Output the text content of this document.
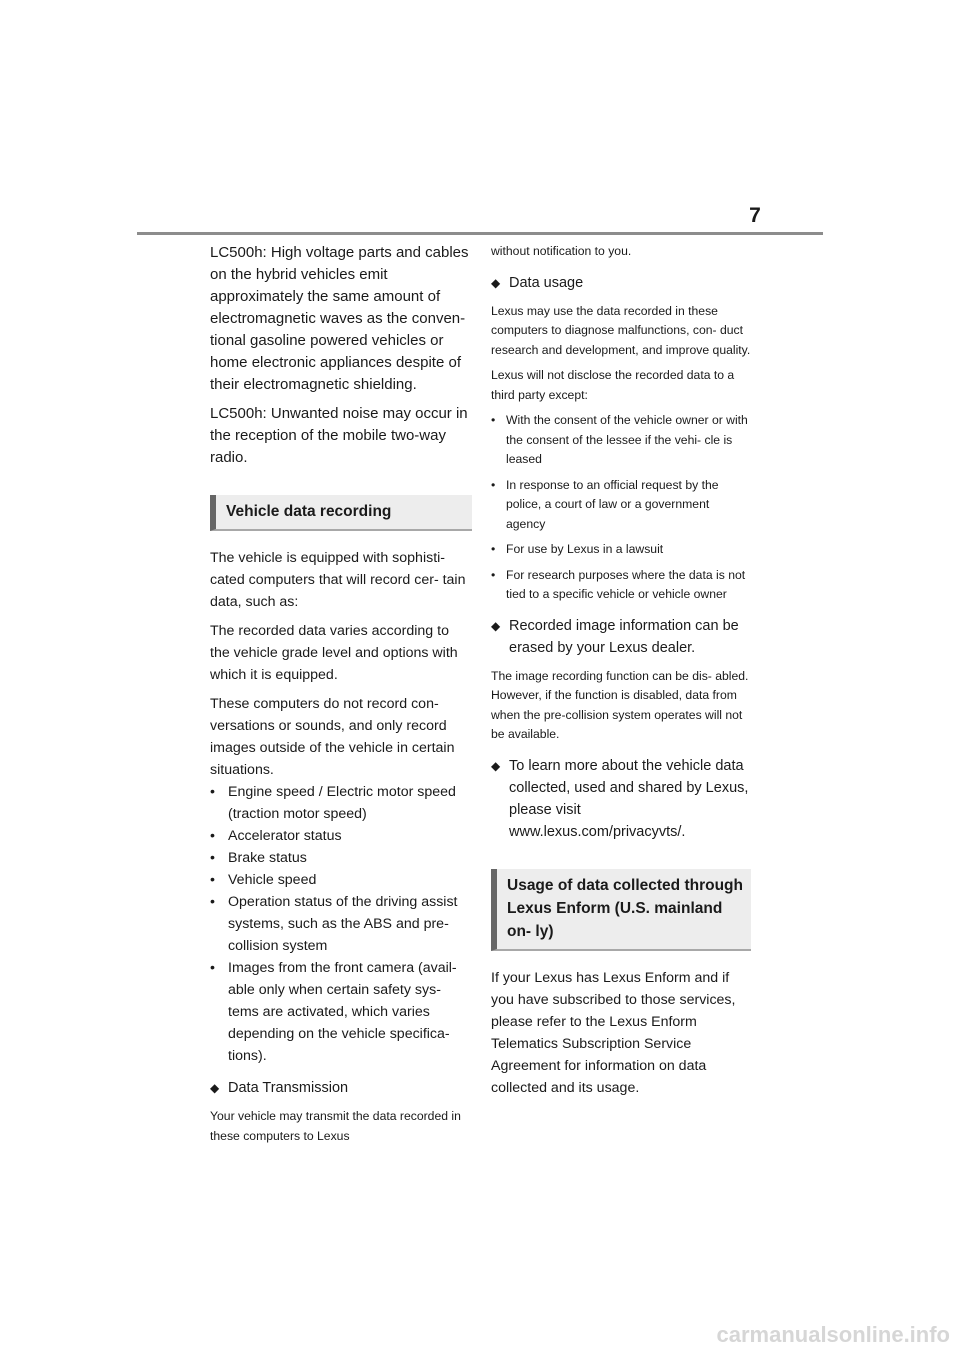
7

LC500h: High voltage parts and cables on the hybrid vehicles emit approximately the same amount of electromagnetic waves as the conven- tional gasoline powered vehicles or home electronic appliances despite of their electromagnetic shielding.

LC500h: Unwanted noise may occur in the reception of the mobile two-way radio.

Vehicle data recording

The vehicle is equipped with sophisti- cated computers that will record cer- tain data, such as:

The recorded data varies according to the vehicle grade level and options with which it is equipped.

These computers do not record con- versations or sounds, and only record images outside of the vehicle in certain situations.

• Engine speed / Electric motor speed (traction motor speed)
• Accelerator status
• Brake status
• Vehicle speed
• Operation status of the driving assist systems, such as the ABS and pre-collision system
• Images from the front camera (avail- able only when certain safety sys- tems are activated, which varies depending on the vehicle specifica- tions).
◆ Data Transmission

Your vehicle may transmit the data recorded in these computers to Lexus

without notification to you.

◆ Data usage

Lexus may use the data recorded in these computers to diagnose malfunctions, con- duct research and development, and improve quality.

Lexus will not disclose the recorded data to a third party except:

• With the consent of the vehicle owner or with the consent of the lessee if the vehi- cle is leased
• In response to an official request by the police, a court of law or a government agency
• For use by Lexus in a lawsuit
• For research purposes where the data is not tied to a specific vehicle or vehicle owner
◆ Recorded image information can be erased by your Lexus dealer.

The image recording function can be dis- abled. However, if the function is disabled, data from when the pre-collision system operates will not be available.

◆ To learn more about the vehicle data collected, used and shared by Lexus, please visit www.lexus.com/privacyvts/.
Usage of data collected through Lexus Enform (U.S. mainland on- ly)

If your Lexus has Lexus Enform and if you have subscribed to those services, please refer to the Lexus Enform Telematics Subscription Service Agreement for information on data collected and its usage.

carmanualsonline.info
